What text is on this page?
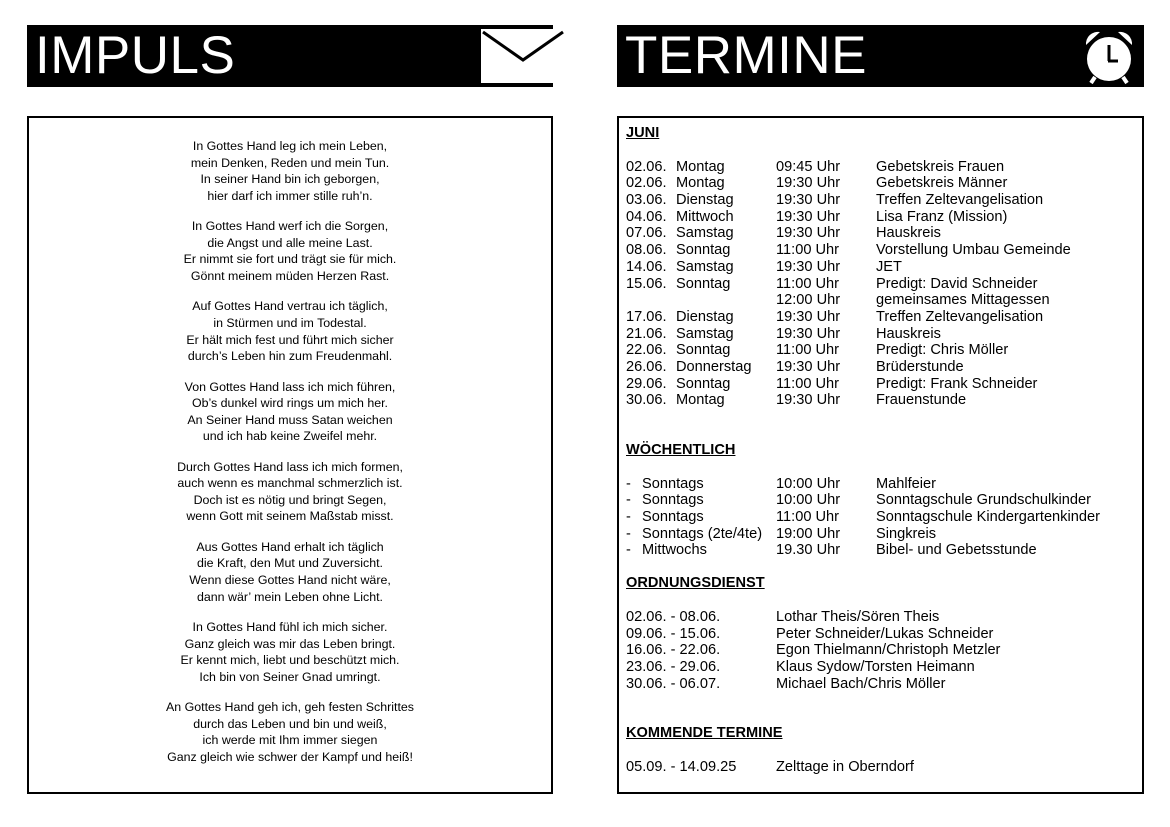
IMPULS	TERMINE
In Gottes Hand leg ich mein Leben,
mein Denken, Reden und mein Tun.
In seiner Hand bin ich geborgen,
hier darf ich immer stille ruh’n.
In Gottes Hand werf ich die Sorgen,
die Angst und alle meine Last.
Er nimmt sie fort und trägt sie für mich.
Gönnt meinem müden Herzen Rast.
Auf Gottes Hand vertrau ich täglich,
in Stürmen und im Todestal.
Er hält mich fest und führt mich sicher
durch’s Leben hin zum Freudenmahl.
Von Gottes Hand lass ich mich führen,
Ob’s dunkel wird rings um mich her.
An Seiner Hand muss Satan weichen
und ich hab keine Zweifel mehr.
Durch Gottes Hand lass ich mich formen,
auch wenn es manchmal schmerzlich ist.
Doch ist es nötig und bringt Segen,
wenn Gott mit seinem Maßstab misst.
Aus Gottes Hand erhalt ich täglich
die Kraft, den Mut und Zuversicht.
Wenn diese Gottes Hand nicht wäre,
dann wär’ mein Leben ohne Licht.
In Gottes Hand fühl ich mich sicher.
Ganz gleich was mir das Leben bringt.
Er kennt mich, liebt und beschützt mich.
Ich bin von Seiner Gnad umringt.
An Gottes Hand geh ich, geh festen Schrittes
durch das Leben und bin und weiß,
ich werde mit Ihm immer siegen
Ganz gleich wie schwer der Kampf und heiß!
JUNI
02.06. Montag	09:45 Uhr Gebetskreis Frauen
02.06. Montag	19:30 Uhr Gebetskreis Männer
03.06. Dienstag	19:30 Uhr Treffen Zeltevangelisation
04.06. Mittwoch	19:30 Uhr Lisa Franz (Mission)
07.06. Samstag	19:30 Uhr Hauskreis
08.06. Sonntag	11:00 Uhr	Vorstellung Umbau Gemeinde
14.06. Samstag	19:30 Uhr JET
15.06. Sonntag	11:00 Uhr	Predigt: David Schneider
12:00 Uhr gemeinsames Mittagessen
17.06. Dienstag	19:30 Uhr Treffen Zeltevangelisation
21.06. Samstag	19:30 Uhr Hauskreis
22.06. Sonntag	11:00 Uhr	Predigt: Chris Möller
26.06. Donnerstag 19:30 Uhr Brüderstunde
29.06. Sonntag	11:00 Uhr	Predigt: Frank Schneider
30.06. Montag	19:30 Uhr Frauenstunde
WÖCHENTLICH
- Sonntags	10:00 Uhr Mahlfeier
- Sonntags	10:00 Uhr Sonntagschule Grundschulkinder
- Sonntags	11:00 Uhr	Sonntagschule Kindergartenkinder
- Sonntags (2te/4te) 19:00 Uhr Singkreis
- Mittwochs	19.30 Uhr Bibel- und Gebetsstunde
ORDNUNGSDIENST
02.06. - 08.06.	Lothar Theis/Sören Theis
09.06. - 15.06.	Peter Schneider/Lukas Schneider
16.06. - 22.06.	Egon Thielmann/Christoph Metzler
23.06. - 29.06.	Klaus Sydow/Torsten Heimann
30.06. - 06.07.	Michael Bach/Chris Möller
KOMMENDE TERMINE
05.09. - 14.09.25	Zelttage in Oberndorf
